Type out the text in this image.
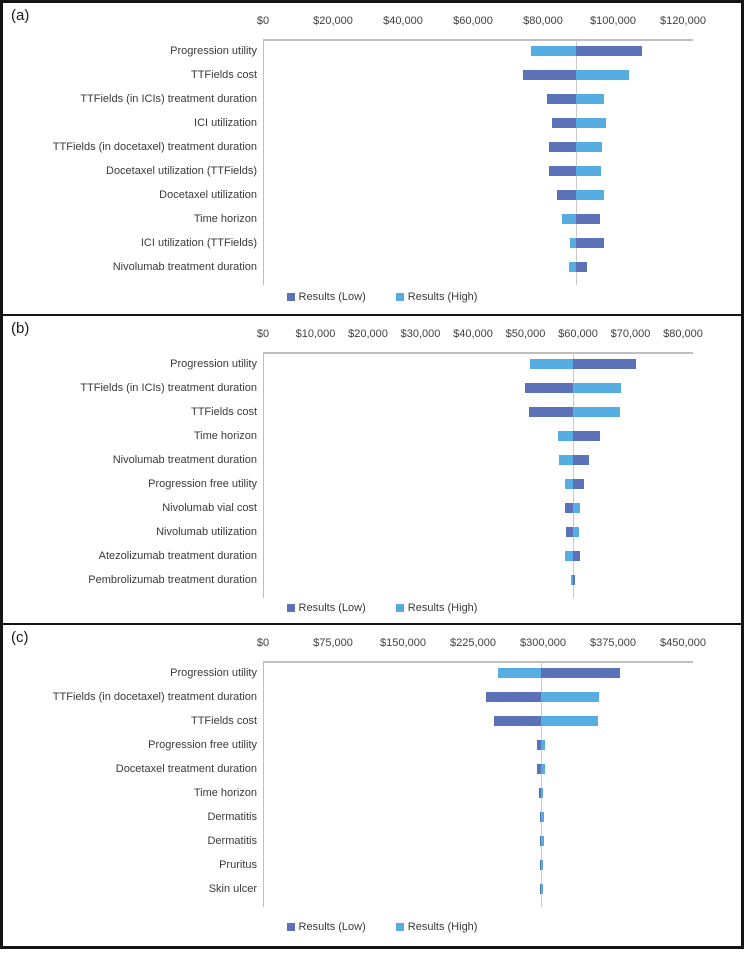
(a)	$0	$20,000	$40,000	$60,000	$80,000 $100,000 $120,000
Progression utility
TTFields cost
TTFields (in ICIs) treatment duration
ICI utilization
TTFields (in docetaxel) treatment duration
Docetaxel utilization (TTFields)
Docetaxel utilization
Time horizon
ICI utilization (TTFields)
Nivolumab treatment duration
Results (Low)	Results (High)
(b)	$0 $10,000 $20,000 $30,000 $40,000 $50,000 $60,000 $70,000 $80,000
Progression utility
TTFields (in ICIs) treatment duration
TTFields cost
Time horizon
Nivolumab treatment duration
Progression free utility
Nivolumab vial cost
Nivolumab utilization
Atezolizumab treatment duration
Pembrolizumab treatment duration
Results (Low)	Results (High)
(c)	$0	$75,000 $150,000 $225,000 $300,000 $375,000 $450,000
Progression utility
TTFields (in docetaxel) treatment duration
TTFields cost
Progression free utility
Docetaxel treatment duration
Time horizon
Dermatitis
Dermatitis
Pruritus
Skin ulcer
Results (Low)	Results (High)
